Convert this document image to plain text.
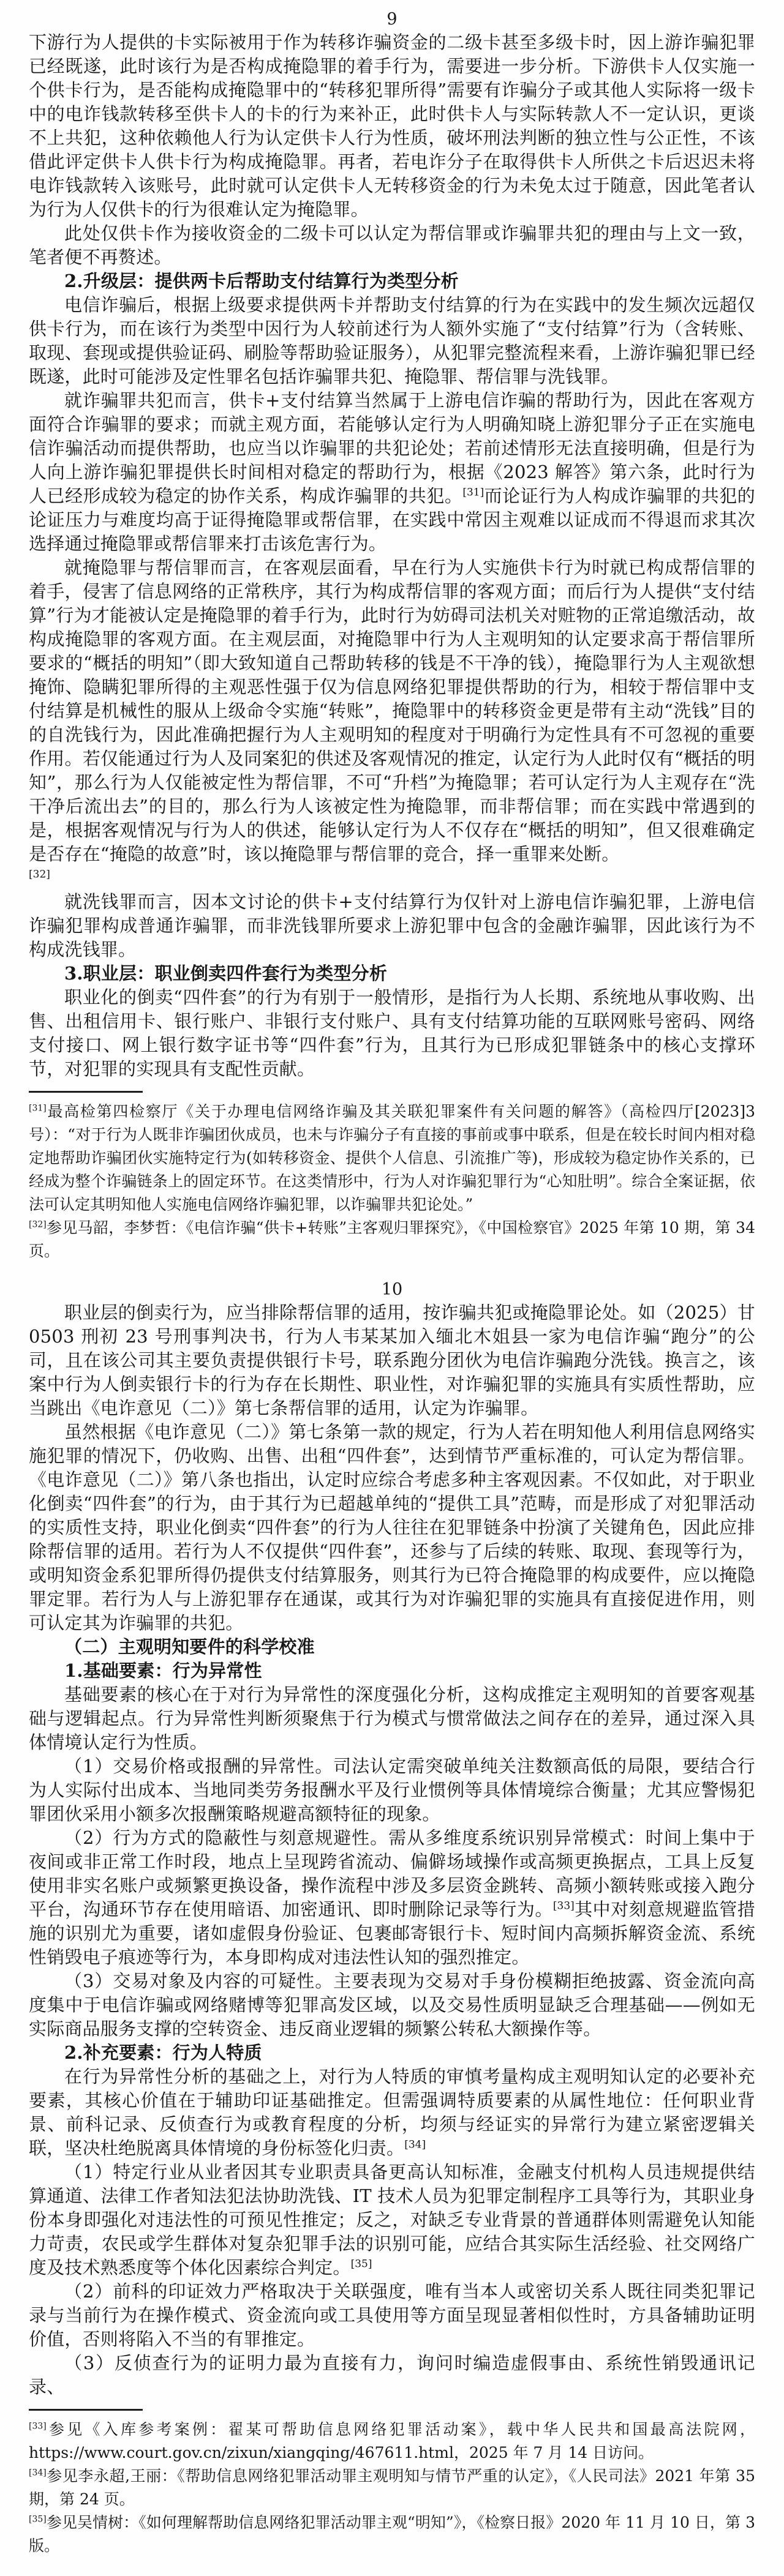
9

下游行为人提供的卡实际被用于作为转移诈骗资金的二级卡甚至多级卡时，因上游诈骗犯罪已经既遂，此时该行为是否构成掩隐罪的着手行为，需要进一步分析。下游供卡人仅实施一个供卡行为，是否能构成掩隐罪中的“转移犯罪所得”需要有诈骗分子或其他人实际将一级卡中的电诈钱款转移至供卡人的卡的行为来补正，此时供卡人与实际转款人不一定认识，更谈不上共犯，这种依赖他人行为认定供卡人行为性质，破坏刑法判断的独立性与公正性，不该借此评定供卡人供卡行为构成掩隐罪。再者，若电诈分子在取得供卡人所供之卡后迟迟未将电诈钱款转入该账号，此时就可认定供卡人无转移资金的行为未免太过于随意，因此笔者认为行为人仅供卡的行为很难认定为掩隐罪。

此处仅供卡作为接收资金的二级卡可以认定为帮信罪或诈骗罪共犯的理由与上文一致，笔者便不再赘述。

2.升级层：提供两卡后帮助支付结算行为类型分析

电信诈骗后，根据上级要求提供两卡并帮助支付结算的行为在实践中的发生频次远超仅供卡行为，而在该行为类型中因行为人较前述行为人额外实施了“支付结算”行为（含转账、取现、套现或提供验证码、刷脸等帮助验证服务），从犯罪完整流程来看，上游诈骗犯罪已经既遂，此时可能涉及定性罪名包括诈骗罪共犯、掩隐罪、帮信罪与洗钱罪。

就诈骗罪共犯而言，供卡+支付结算当然属于上游电信诈骗的帮助行为，因此在客观方面符合诈骗罪的要求；而就主观方面，若能够认定行为人明确知晓上游犯罪分子正在实施电信诈骗活动而提供帮助，也应当以诈骗罪的共犯论处；若前述情形无法直接明确，但是行为人向上游诈骗犯罪提供长时间相对稳定的帮助行为，根据《2023 解答》第六条，此时行为人已经形成较为稳定的协作关系，构成诈骗罪的共犯。[31]而论证行为人构成诈骗罪的共犯的论证压力与难度均高于证得掩隐罪或帮信罪，在实践中常因主观难以证成而不得退而求其次选择通过掩隐罪或帮信罪来打击该危害行为。

就掩隐罪与帮信罪而言，在客观层面看，早在行为人实施供卡行为时就已构成帮信罪的着手，侵害了信息网络的正常秩序，其行为构成帮信罪的客观方面；而后行为人提供“支付结算”行为才能被认定是掩隐罪的着手行为，此时行为妨碍司法机关对赃物的正常追缴活动，故构成掩隐罪的客观方面。在主观层面，对掩隐罪中行为人主观明知的认定要求高于帮信罪所要求的“概括的明知”（即大致知道自己帮助转移的钱是不干净的钱），掩隐罪行为人主观欲想掩饰、隐瞒犯罪所得的主观恶性强于仅为信息网络犯罪提供帮助的行为，相较于帮信罪中支付结算是机械性的服从上级命令实施“转账”，掩隐罪中的转移资金更是带有主动“洗钱”目的的自洗钱行为，因此准确把握行为人主观明知的程度对于明确行为定性具有不可忽视的重要作用。若仅能通过行为人及同案犯的供述及客观情况的推定，认定行为人此时仅有“概括的明知”，那么行为人仅能被定性为帮信罪，不可“升档”为掩隐罪；若可认定行为人主观存在“洗干净后流出去”的目的，那么行为人该被定性为掩隐罪，而非帮信罪；而在实践中常遇到的是，根据客观情况与行为人的供述，能够认定行为人不仅存在“概括的明知”，但又很难确定是否存在“掩隐的故意”时，该以掩隐罪与帮信罪的竞合，择一重罪来处断。

[32]

就洗钱罪而言，因本文讨论的供卡+支付结算行为仅针对上游电信诈骗犯罪，上游电信诈骗犯罪构成普通诈骗罪，而非洗钱罪所要求上游犯罪中包含的金融诈骗罪，因此该行为不构成洗钱罪。

3.职业层：职业倒卖四件套行为类型分析

职业化的倒卖“四件套”的行为有别于一般情形，是指行为人长期、系统地从事收购、出售、出租信用卡、银行账户、非银行支付账户、具有支付结算功能的互联网账号密码、网络支付接口、网上银行数字证书等“四件套”行为，且其行为已形成犯罪链条中的核心支撑环节，对犯罪的实现具有支配性贡献。

[31]最高检第四检察厅《关于办理电信网络诈骗及其关联犯罪案件有关问题的解答》（高检四厅[2023]3 号）：“对于行为人既非诈骗团伙成员，也未与诈骗分子有直接的事前或事中联系，但是在较长时间内相对稳定地帮助诈骗团伙实施特定行为(如转移资金、提供个人信息、引流推广等)，形成较为稳定协作关系的，已经成为整个诈骗链条上的固定环节。在这类情形中，行为人对诈骗犯罪行为“心知肚明”。综合全案证据，依法可认定其明知他人实施电信网络诈骗犯罪，以诈骗罪共犯论处。”

[32]参见马韶，李梦哲：《电信诈骗“供卡+转账”主客观归罪探究》，《中国检察官》2025 年第 10 期，第 34 页。

10

职业层的倒卖行为，应当排除帮信罪的适用，按诈骗共犯或掩隐罪论处。如（2025）甘 0503 刑初 23 号刑事判决书，行为人韦某某加入缅北木姐县一家为电信诈骗“跑分”的公司，且在该公司其主要负责提供银行卡号，联系跑分团伙为电信诈骗跑分洗钱。换言之，该案中行为人倒卖银行卡的行为存在长期性、职业性，对诈骗犯罪的实施具有实质性帮助，应当跳出《电诈意见（二）》第七条帮信罪的适用，认定为诈骗罪。

虽然根据《电诈意见（二）》第七条第一款的规定，行为人若在明知他人利用信息网络实施犯罪的情况下，仍收购、出售、出租“四件套”，达到情节严重标准的，可认定为帮信罪。《电诈意见（二）》第八条也指出，认定时应综合考虑多种主客观因素。不仅如此，对于职业化倒卖“四件套”的行为，由于其行为已超越单纯的“提供工具”范畴，而是形成了对犯罪活动的实质性支持，职业化倒卖“四件套”的行为人往往在犯罪链条中扮演了关键角色，因此应排除帮信罪的适用。若行为人不仅提供“四件套”，还参与了后续的转账、取现、套现等行为，或明知资金系犯罪所得仍提供支付结算服务，则其行为已符合掩隐罪的构成要件，应以掩隐罪定罪。若行为人与上游犯罪存在通谋，或其行为对诈骗犯罪的实施具有直接促进作用，则可认定其为诈骗罪的共犯。

（二）主观明知要件的科学校准

1.基础要素：行为异常性

基础要素的核心在于对行为异常性的深度强化分析，这构成推定主观明知的首要客观基础与逻辑起点。行为异常性判断须聚焦于行为模式与惯常做法之间存在的差异，通过深入具体情境认定行为性质。

（1）交易价格或报酬的异常性。司法认定需突破单纯关注数额高低的局限，要结合行为人实际付出成本、当地同类劳务报酬水平及行业惯例等具体情境综合衡量；尤其应警惕犯罪团伙采用小额多次报酬策略规避高额特征的现象。

（2）行为方式的隐蔽性与刻意规避性。需从多维度系统识别异常模式：时间上集中于夜间或非正常工作时段，地点上呈现跨省流动、偏僻场域操作或高频更换据点，工具上反复使用非实名账户或频繁更换设备，操作流程中涉及多层资金跳转、高频小额转账或接入跑分平台，沟通环节存在使用暗语、加密通讯、即时删除记录等行为。[33]其中对刻意规避监管措施的识别尤为重要，诸如虚假身份验证、包裹邮寄银行卡、短时间内高频拆解资金流、系统性销毁电子痕迹等行为，本身即构成对违法性认知的强烈推定。

（3）交易对象及内容的可疑性。主要表现为交易对手身份模糊拒绝披露、资金流向高度集中于电信诈骗或网络赌博等犯罪高发区域，以及交易性质明显缺乏合理基础——例如无实际商品服务支撑的空转资金、违反商业逻辑的频繁公转私大额操作等。

2.补充要素：行为人特质

在行为异常性分析的基础之上，对行为人特质的审慎考量构成主观明知认定的必要补充要素，其核心价值在于辅助印证基础推定。但需强调特质要素的从属性地位：任何职业背景、前科记录、反侦查行为或教育程度的分析，均须与经证实的异常行为建立紧密逻辑关联，坚决杜绝脱离具体情境的身份标签化归责。[34]

（1）特定行业从业者因其专业职责具备更高认知标准，金融支付机构人员违规提供结算通道、法律工作者知法犯法协助洗钱、IT 技术人员为犯罪定制程序工具等行为，其职业身份本身即强化对违法性的可预见性推定；反之，对缺乏专业背景的普通群体则需避免认知能力苛责，农民或学生群体对复杂犯罪手法的识别可能，应结合其实际生活经验、社交网络广度及技术熟悉度等个体化因素综合判定。[35]

（2）前科的印证效力严格取决于关联强度，唯有当本人或密切关系人既往同类犯罪记录与当前行为在操作模式、资金流向或工具使用等方面呈现显著相似性时，方具备辅助证明价值，否则将陷入不当的有罪推定。

（3）反侦查行为的证明力最为直接有力，询问时编造虚假事由、系统性销毁通讯记录、

[33]参见《入库参考案例：翟某可帮助信息网络犯罪活动案》，载中华人民共和国最高法院网， https://www.court.gov.cn/zixun/xiangqing/467611.html，2025 年 7 月 14 日访问。

[34]参见李永超,王丽：《帮助信息网络犯罪活动罪主观明知与情节严重的认定》，《人民司法》2021 年第 35 期，第 24 页。

[35]参见吴情树：《如何理解帮助信息网络犯罪活动罪主观“明知”》，《检察日报》2020 年 11 月 10 日，第 3 版。
